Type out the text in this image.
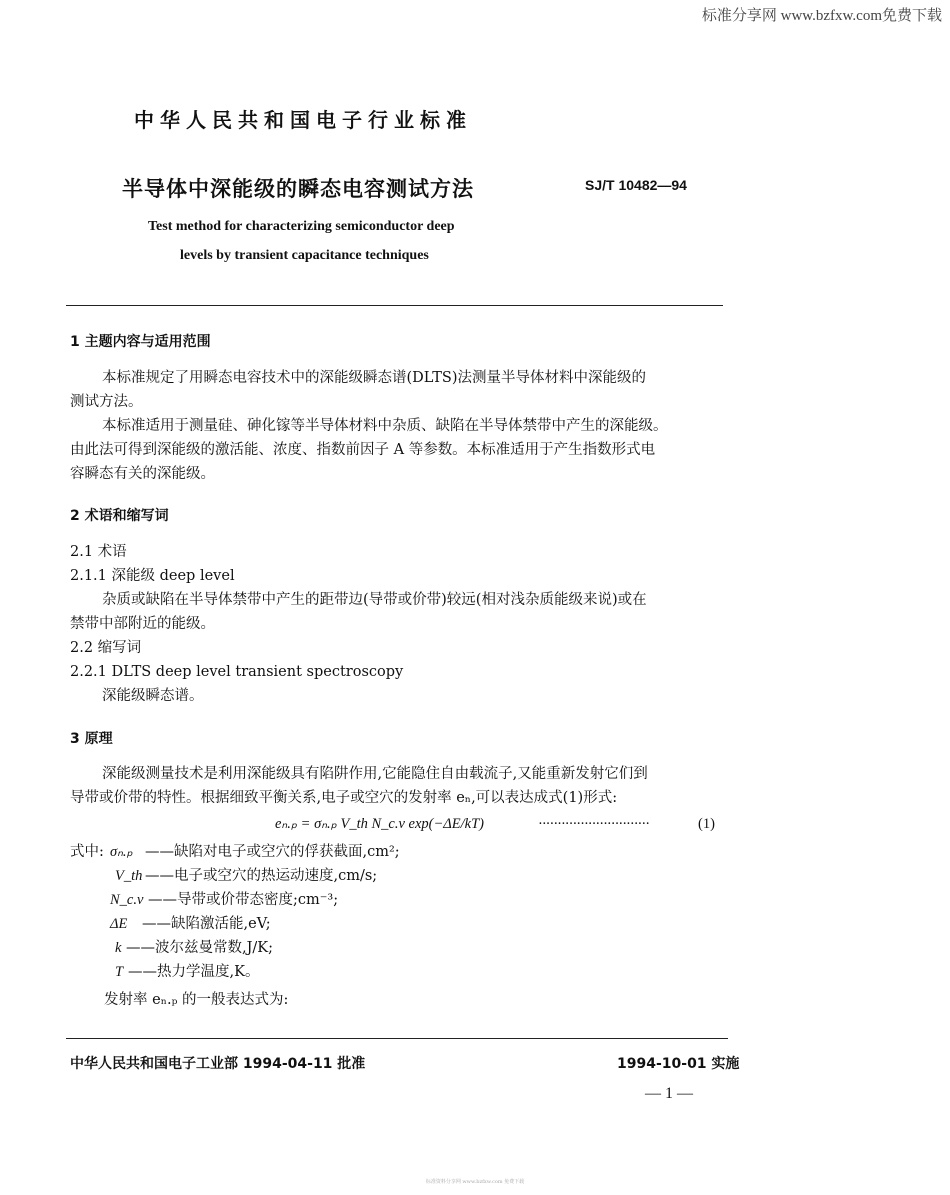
标准分享网 www.bzfxw.com免费下载
中华人民共和国电子行业标准
半导体中深能级的瞬态电容测试方法	SJ/T 10482—94
Test method for characterizing semiconductor deep
levels by transient capacitance techniques
1 主题内容与适用范围
本标准规定了用瞬态电容技术中的深能级瞬态谱(DLTS)法测量半导体材料中深能级的
测试方法。
本标准适用于测量硅、砷化镓等半导体材料中杂质、缺陷在半导体禁带中产生的深能级。
由此法可得到深能级的激活能、浓度、指数前因子 A 等参数。本标准适用于产生指数形式电
容瞬态有关的深能级。
2 术语和缩写词
2.1 术语
2.1.1 深能级 deep level
杂质或缺陷在半导体禁带中产生的距带边(导带或价带)较远(相对浅杂质能级来说)或在
禁带中部附近的能级。
2.2 缩写词
2.2.1 DLTS deep level transient spectroscopy
深能级瞬态谱。
3 原理
深能级测量技术是利用深能级具有陷阱作用,它能隐住自由载流子,又能重新发射它们到
导带或价带的特性。根据细致平衡关系,电子或空穴的发射率 eₙ,可以表达成式(1)形式:
eₙ.ₚ = σₙ.ₚ V_th N_c.v exp(−ΔE/kT)	·····························	(1)
式中: σₙ.ₚ ——缺陷对电子或空穴的俘获截面,cm²;
V_th ——电子或空穴的热运动速度,cm/s;
N_c.v ——导带或价带态密度;cm⁻³;
ΔE ——缺陷激活能,eV;
k ——波尔兹曼常数,J/K;
T ——热力学温度,K。
发射率 eₙ.ₚ 的一般表达式为:
中华人民共和国电子工业部 1994-04-11 批准	1994-10-01 实施
— 1 —
标准资料分享网 www.bzfxw.com 免费下载
